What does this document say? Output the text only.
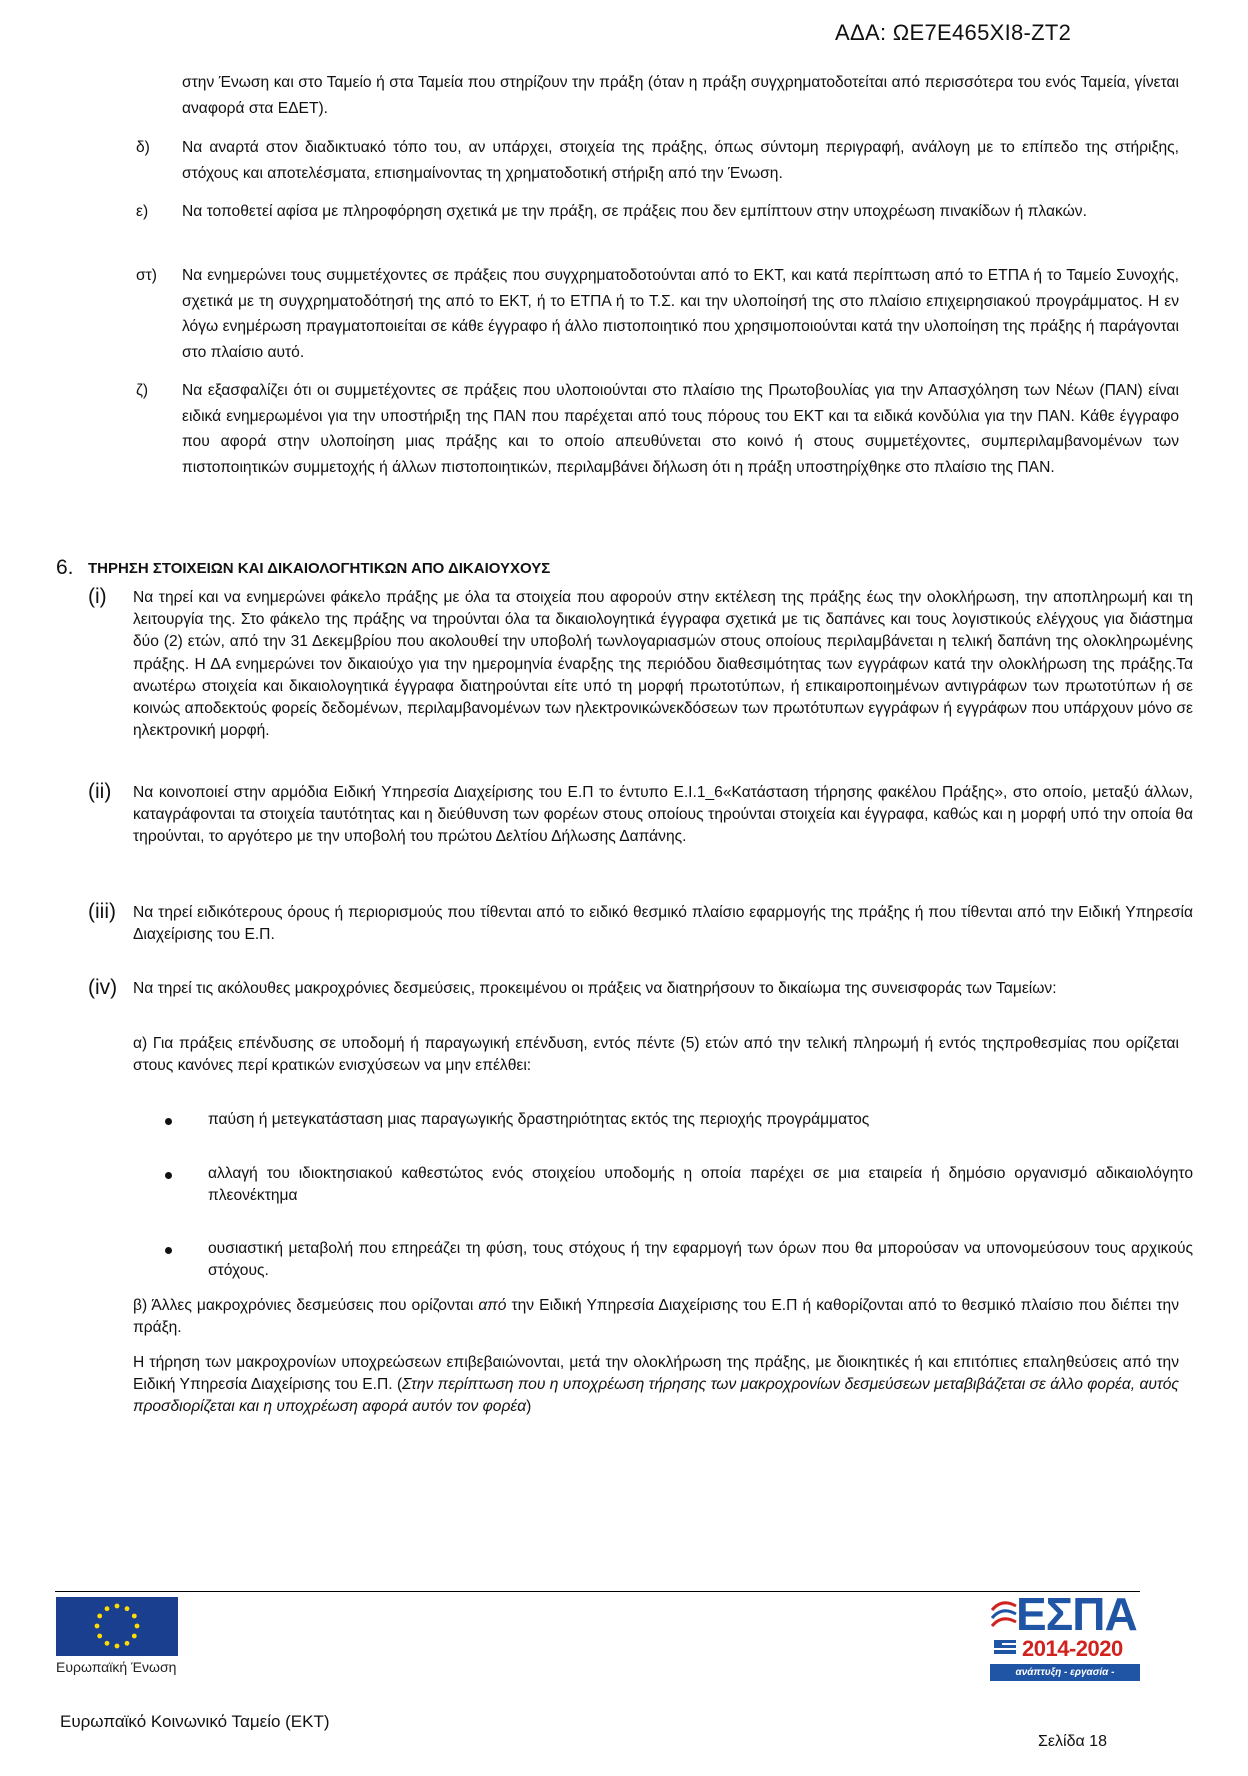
ΑΔΑ: ΩΕ7Ε465ΧΙ8-ΖΤ2

στην Ένωση και στο Ταμείο ή στα Ταμεία που στηρίζουν την πράξη (όταν η πράξη συγχρηματοδοτείται από περισσότερα του ενός Ταμεία, γίνεται αναφορά στα ΕΔΕΤ).

δ) Να αναρτά στον διαδικτυακό τόπο του, αν υπάρχει, στοιχεία της πράξης, όπως σύντομη περιγραφή, ανάλογη με το επίπεδο της στήριξης, στόχους και αποτελέσματα, επισημαίνοντας τη χρηματοδοτική στήριξη από την Ένωση.

ε) Να τοποθετεί αφίσα με πληροφόρηση σχετικά με την πράξη, σε πράξεις που δεν εμπίπτουν στην υποχρέωση πινακίδων ή πλακών.

στ) Να ενημερώνει τους συμμετέχοντες σε πράξεις που συγχρηματοδοτούνται από το ΕΚΤ, και κατά περίπτωση από το ΕΤΠΑ ή το Ταμείο Συνοχής, σχετικά με τη συγχρηματοδότησή της από το ΕΚΤ, ή το ΕΤΠΑ ή το Τ.Σ. και την υλοποίησή της στο πλαίσιο επιχειρησιακού προγράμματος. Η εν λόγω ενημέρωση πραγματοποιείται σε κάθε έγγραφο ή άλλο πιστοποιητικό που χρησιμοποιούνται κατά την υλοποίηση της πράξης ή παράγονται στο πλαίσιο αυτό.

ζ) Να εξασφαλίζει ότι οι συμμετέχοντες σε πράξεις που υλοποιούνται στο πλαίσιο της Πρωτοβουλίας για την Απασχόληση των Νέων (ΠΑΝ) είναι ειδικά ενημερωμένοι για την υποστήριξη της ΠΑΝ που παρέχεται από τους πόρους του ΕΚΤ και τα ειδικά κονδύλια για την ΠΑΝ. Κάθε έγγραφο που αφορά στην υλοποίηση μιας πράξης και το οποίο απευθύνεται στο κοινό ή στους συμμετέχοντες, συμπεριλαμβανομένων των πιστοποιητικών συμμετοχής ή άλλων πιστοποιητικών, περιλαμβάνει δήλωση ότι η πράξη υποστηρίχθηκε στο πλαίσιο της ΠΑΝ.

6. ΤΗΡΗΣΗ ΣΤΟΙΧΕΙΩΝ ΚΑΙ ΔΙΚΑΙΟΛΟΓΗΤΙΚΩΝ ΑΠΟ ΔΙΚΑΙΟΥΧΟΥΣ
(i) Να τηρεί και να ενημερώνει φάκελο πράξης με όλα τα στοιχεία που αφορούν στην εκτέλεση της πράξης έως την ολοκλήρωση, την αποπληρωμή και τη λειτουργία της. Στο φάκελο της πράξης να τηρούνται όλα τα δικαιολογητικά έγγραφα σχετικά με τις δαπάνες και τους λογιστικούς ελέγχους για διάστημα δύο (2) ετών, από την 31 Δεκεμβρίου που ακολουθεί την υποβολή τωνλογαριασμών στους οποίους περιλαμβάνεται η τελική δαπάνη της ολοκληρωμένης πράξης. Η ΔΑ ενημερώνει τον δικαιούχο για την ημερομηνία έναρξης της περιόδου διαθεσιμότητας των εγγράφων κατά την ολοκλήρωση της πράξης.Τα ανωτέρω στοιχεία και δικαιολογητικά έγγραφα διατηρούνται είτε υπό τη μορφή πρωτοτύπων, ή επικαιροποιημένων αντιγράφων των πρωτοτύπων ή σε κοινώς αποδεκτούς φορείς δεδομένων, περιλαμβανομένων των ηλεκτρονικώνεκδόσεων των πρωτότυπων εγγράφων ή εγγράφων που υπάρχουν μόνο σε ηλεκτρονική μορφή.

(ii) Να κοινοποιεί στην αρμόδια Ειδική Υπηρεσία Διαχείρισης του Ε.Π το έντυπο Ε.Ι.1_6«Κατάσταση τήρησης φακέλου Πράξης», στο οποίο, μεταξύ άλλων, καταγράφονται τα στοιχεία ταυτότητας και η διεύθυνση των φορέων στους οποίους τηρούνται στοιχεία και έγγραφα, καθώς και η μορφή υπό την οποία θα τηρούνται, το αργότερο με την υποβολή του πρώτου Δελτίου Δήλωσης Δαπάνης.

(iii) Να τηρεί ειδικότερους όρους ή περιορισμούς που τίθενται από το ειδικό θεσμικό πλαίσιο εφαρμογής της πράξης ή που τίθενται από την Ειδική Υπηρεσία Διαχείρισης του Ε.Π.

(iv) Να τηρεί τις ακόλουθες μακροχρόνιες δεσμεύσεις, προκειμένου οι πράξεις να διατηρήσουν το δικαίωμα της συνεισφοράς των Ταμείων:

α) Για πράξεις επένδυσης σε υποδομή ή παραγωγική επένδυση, εντός πέντε (5) ετών από την τελική πληρωμή ή εντός τηςπροθεσμίας που ορίζεται στους κανόνες περί κρατικών ενισχύσεων να μην επέλθει:

παύση ή μετεγκατάσταση μιας παραγωγικής δραστηριότητας εκτός της περιοχής προγράμματος

αλλαγή του ιδιοκτησιακού καθεστώτος ενός στοιχείου υποδομής η οποία παρέχει σε μια εταιρεία ή δημόσιο οργανισμό αδικαιολόγητο πλεονέκτημα

ουσιαστική μεταβολή που επηρεάζει τη φύση, τους στόχους ή την εφαρμογή των όρων που θα μπορούσαν να υπονομεύσουν τους αρχικούς στόχους.

β) Άλλες μακροχρόνιες δεσμεύσεις που ορίζονται από την Ειδική Υπηρεσία Διαχείρισης του Ε.Π ή καθορίζονται από το θεσμικό πλαίσιο που διέπει την πράξη.

Η τήρηση των μακροχρονίων υποχρεώσεων επιβεβαιώνονται, μετά την ολοκλήρωση της πράξης, με διοικητικές ή και επιτόπιες επαληθεύσεις από την Ειδική Υπηρεσία Διαχείρισης του Ε.Π. (Στην περίπτωση που η υποχρέωση τήρησης των μακροχρονίων δεσμεύσεων μεταβιβάζεται σε άλλο φορέα, αυτός προσδιορίζεται και η υποχρέωση αφορά αυτόν τον φορέα)

Ευρωπαϊκή Ένωση
ΕΣΠΑ
2014-2020
ανάπτυξη - εργασία - αλληλεγγύη
Ευρωπαϊκό Κοινωνικό Ταμείο (ΕΚΤ)
Σελίδα 18
